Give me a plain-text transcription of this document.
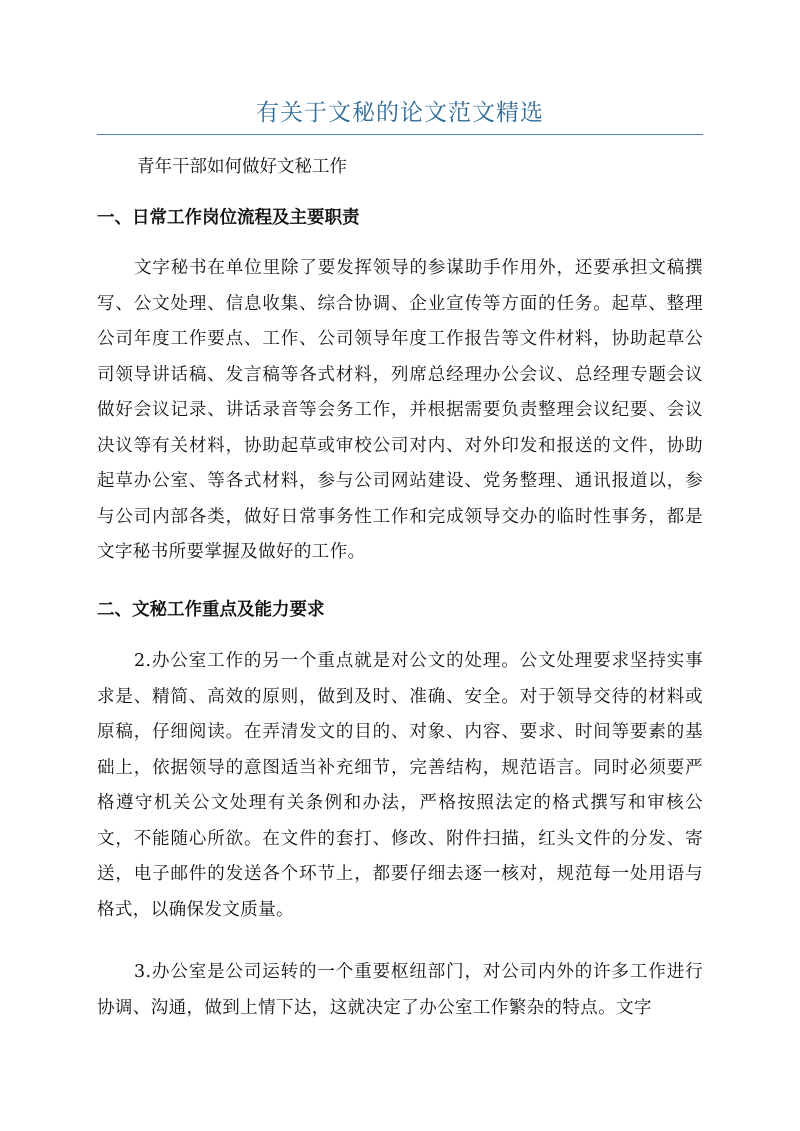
有关于文秘的论文范文精选

青年干部如何做好文秘工作

一、日常工作岗位流程及主要职责

文字秘书在单位里除了要发挥领导的参谋助手作用外，还要承担文稿撰写、公文处理、信息收集、综合协调、企业宣传等方面的任务。起草、整理公司年度工作要点、工作、公司领导年度工作报告等文件材料，协助起草公司领导讲话稿、发言稿等各式材料，列席总经理办公会议、总经理专题会议做好会议记录、讲话录音等会务工作，并根据需要负责整理会议纪要、会议决议等有关材料，协助起草或审校公司对内、对外印发和报送的文件，协助起草办公室、等各式材料，参与公司网站建设、党务整理、通讯报道以，参与公司内部各类，做好日常事务性工作和完成领导交办的临时性事务，都是文字秘书所要掌握及做好的工作。

二、文秘工作重点及能力要求

2.办公室工作的另一个重点就是对公文的处理。公文处理要求坚持实事求是、精简、高效的原则，做到及时、准确、安全。对于领导交待的材料或原稿，仔细阅读。在弄清发文的目的、对象、内容、要求、时间等要素的基础上，依据领导的意图适当补充细节，完善结构，规范语言。同时必须要严格遵守机关公文处理有关条例和办法，严格按照法定的格式撰写和审核公文，不能随心所欲。在文件的套打、修改、附件扫描，红头文件的分发、寄送，电子邮件的发送各个环节上，都要仔细去逐一核对，规范每一处用语与格式，以确保发文质量。

3.办公室是公司运转的一个重要枢纽部门，对公司内外的许多工作进行协调、沟通，做到上情下达，这就决定了办公室工作繁杂的特点。文字
